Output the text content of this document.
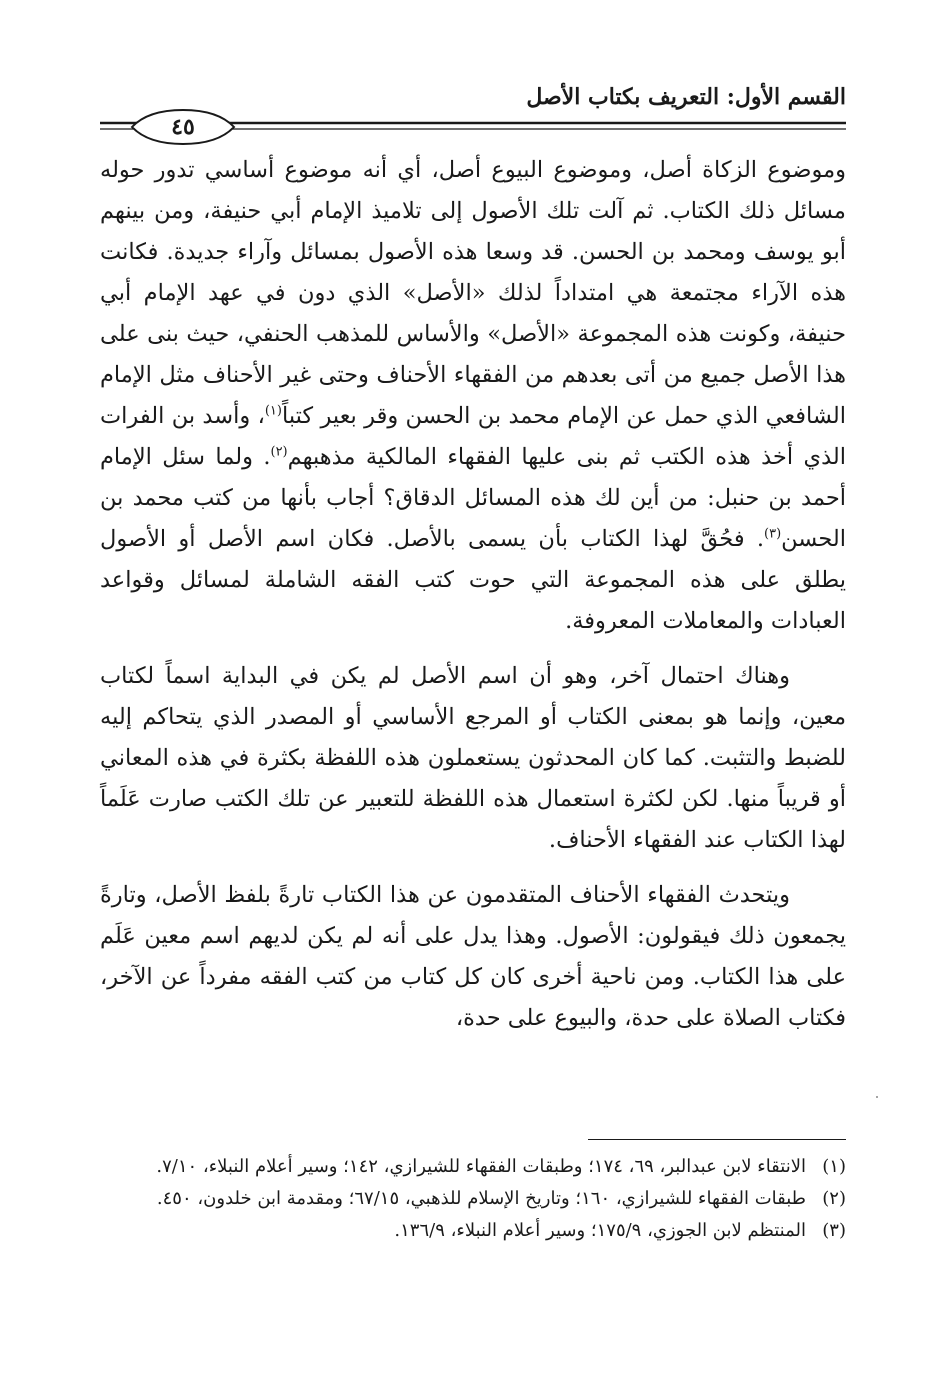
القسم الأول: التعريف بكتاب الأصل
٤٥

وموضوع الزكاة أصل، وموضوع البيوع أصل، أي أنه موضوع أساسي تدور حوله مسائل ذلك الكتاب. ثم آلت تلك الأصول إلى تلاميذ الإمام أبي حنيفة، ومن بينهم أبو يوسف ومحمد بن الحسن. قد وسعا هذه الأصول بمسائل وآراء جديدة. فكانت هذه الآراء مجتمعة هي امتداداً لذلك «الأصل» الذي دون في عهد الإمام أبي حنيفة، وكونت هذه المجموعة «الأصل» والأساس للمذهب الحنفي، حيث بنى على هذا الأصل جميع من أتى بعدهم من الفقهاء الأحناف وحتى غير الأحناف مثل الإمام الشافعي الذي حمل عن الإمام محمد بن الحسن وقر بعير كتباً$^{(١)}$، وأسد بن الفرات الذي أخذ هذه الكتب ثم بنى عليها الفقهاء المالكية مذهبهم$^{(٢)}$. ولما سئل الإمام أحمد بن حنبل: من أين لك هذه المسائل الدقاق؟ أجاب بأنها من كتب محمد بن الحسن$^{(٣)}$. فحُقَّ لهذا الكتاب بأن يسمى بالأصل. فكان اسم الأصل أو الأصول يطلق على هذه المجموعة التي حوت كتب الفقه الشاملة لمسائل وقواعد العبادات والمعاملات المعروفة.

وهناك احتمال آخر، وهو أن اسم الأصل لم يكن في البداية اسماً لكتاب معين، وإنما هو بمعنى الكتاب أو المرجع الأساسي أو المصدر الذي يتحاكم إليه للضبط والتثبت. كما كان المحدثون يستعملون هذه اللفظة بكثرة في هذه المعاني أو قريباً منها. لكن لكثرة استعمال هذه اللفظة للتعبير عن تلك الكتب صارت عَلَماً لهذا الكتاب عند الفقهاء الأحناف.

ويتحدث الفقهاء الأحناف المتقدمون عن هذا الكتاب تارةً بلفظ الأصل، وتارةً يجمعون ذلك فيقولون: الأصول. وهذا يدل على أنه لم يكن لديهم اسم معين عَلَم على هذا الكتاب. ومن ناحية أخرى كان كل كتاب من كتب الفقه مفرداً عن الآخر، فكتاب الصلاة على حدة، والبيوع على حدة،

(١)
الانتقاء لابن عبدالبر، ٦٩، ١٧٤؛ وطبقات الفقهاء للشيرازي، ١٤٢؛ وسير أعلام النبلاء، ٧/١٠.
(٢)
طبقات الفقهاء للشيرازي، ١٦٠؛ وتاريخ الإسلام للذهبي، ٦٧/١٥؛ ومقدمة ابن خلدون، ٤٥٠.
(٣)
المنتظم لابن الجوزي، ١٧٥/٩؛ وسير أعلام النبلاء، ١٣٦/٩.
